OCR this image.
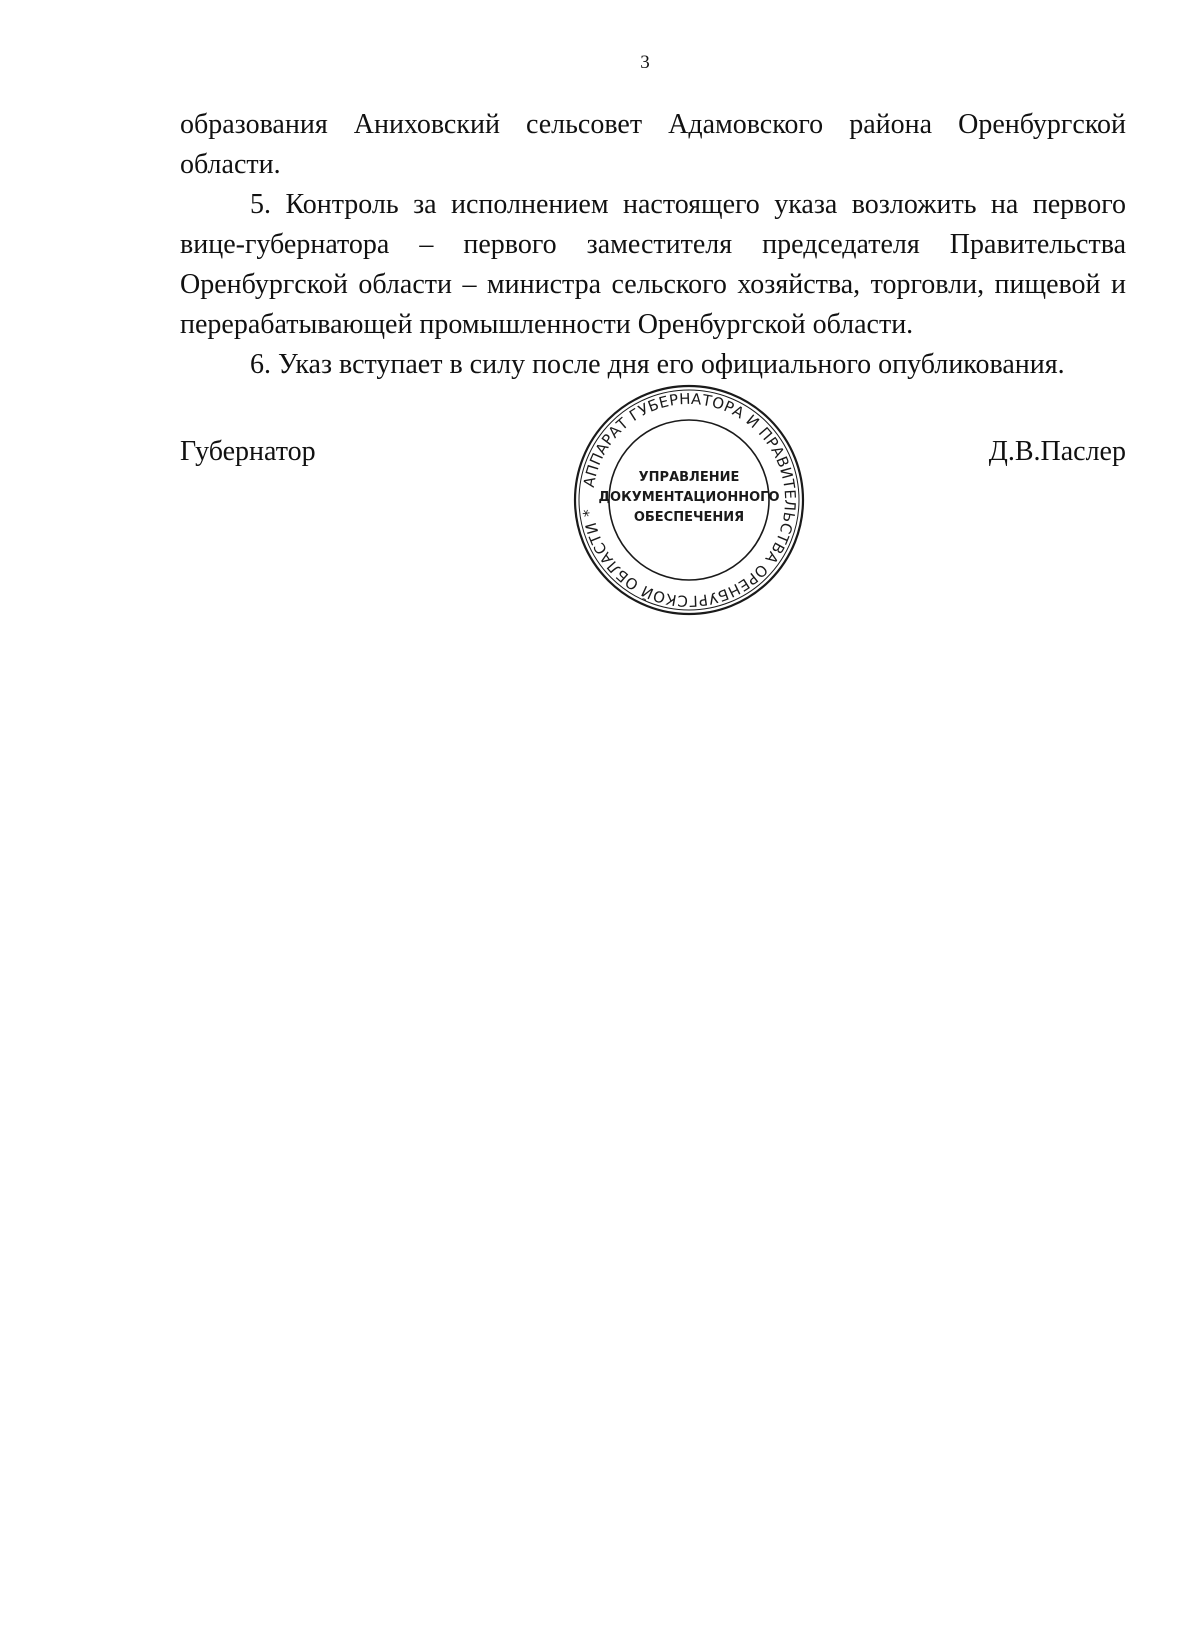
3

образования Аниховский сельсовет Адамовского района Оренбургской области.

5. Контроль за исполнением настоящего указа возложить на первого вице-губернатора – первого заместителя председателя Правительства Оренбургской области – министра сельского хозяйства, торговли, пищевой и перерабатывающей промышленности Оренбургской области.

6. Указ вступает в силу после дня его официального опубликования.

Губернатор	Д.В.Паслер
АППАРАТ ГУБЕРНАТОРА И ПРАВИТЕЛЬСТВА ОРЕНБУРГСКОЙ ОБЛАСТИ *
УПРАВЛЕНИЕ
ДОКУМЕНТАЦИОННОГО
ОБЕСПЕЧЕНИЯ
